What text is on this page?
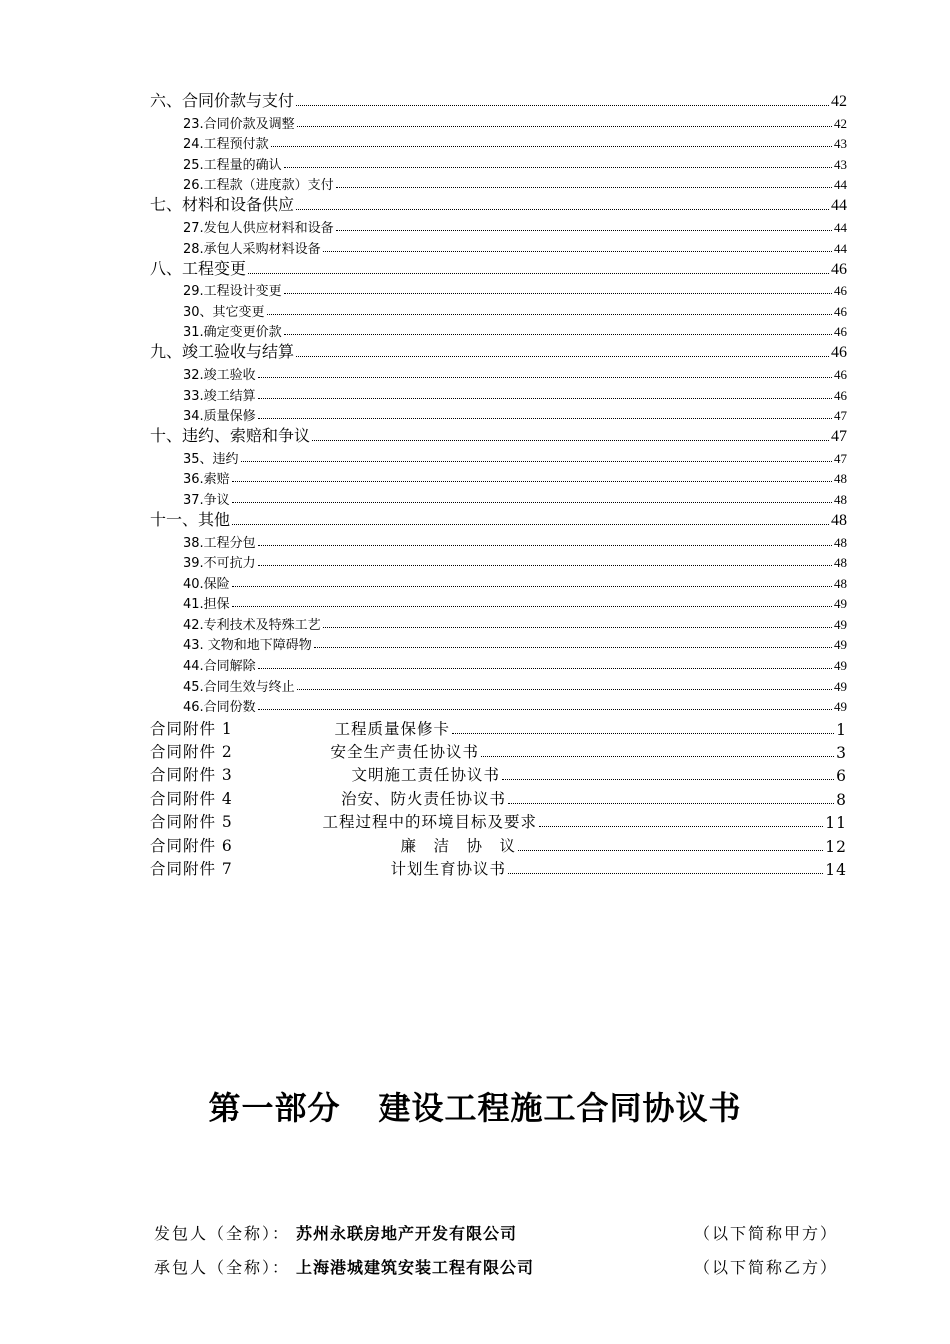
六、合同价款与支付	42
23.合同价款及调整	42
24.工程预付款	43
25.工程量的确认	43
26.工程款（进度款）支付	44
七、材料和设备供应	44
27.发包人供应材料和设备	44
28.承包人采购材料设备	44
八、工程变更	46
29.工程设计变更	46
30、其它变更	46
31.确定变更价款	46
九、竣工验收与结算	46
32.竣工验收	46
33.竣工结算	46
34.质量保修	47
十、违约、索赔和争议	47
35、违约	47
36.索赔	48
37.争议	48
十一、其他	48
38.工程分包	48
39.不可抗力	48
40.保险	48
41.担保	49
42.专利技术及特殊工艺	49
43. 文物和地下障碍物	49
44.合同解除	49
45.合同生效与终止	49
46.合同份数	49
合同附件 1	工程质量保修卡	1
合同附件 2	安全生产责任协议书	3
合同附件 3	文明施工责任协议书	6
合同附件 4	治安、防火责任协议书	8
合同附件 5	工程过程中的环境目标及要求	11
合同附件 6	廉　洁　协　议	12
合同附件 7	计划生育协议书	14
第一部分 建设工程施工合同协议书
发包人（全称）： 苏州永联房地产开发有限公司	（以下简称甲方）
承包人（全称）： 上海港城建筑安装工程有限公司	（以下简称乙方）
